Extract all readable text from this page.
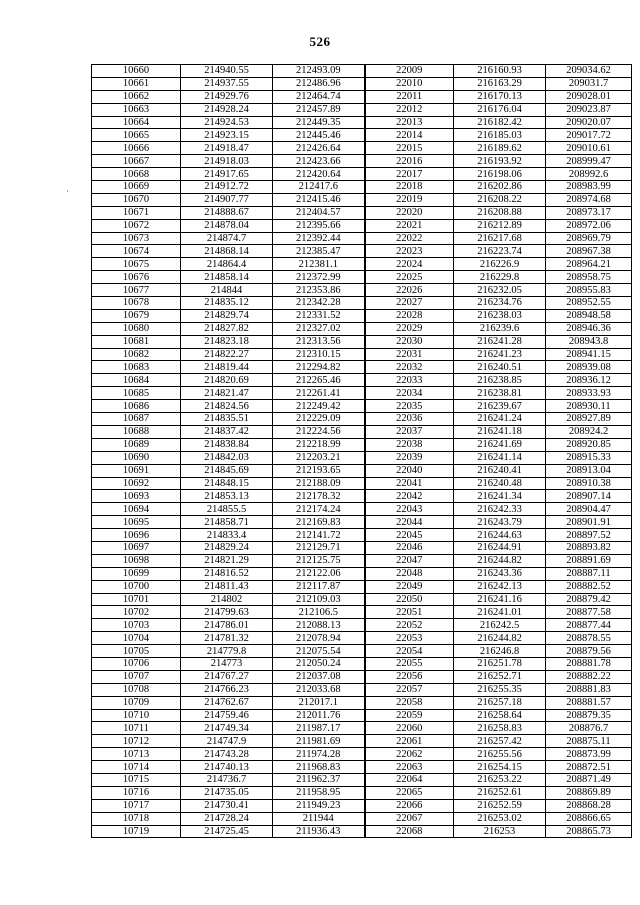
526
·
10660	214940.55	212493.09	22009	216160.93	209034.62
10661	214937.55	212486.96	22010	216163.29	209031.7
10662	214929.76	212464.74	22011	216170.13	209028.01
10663	214928.24	212457.89	22012	216176.04	209023.87
10664	214924.53	212449.35	22013	216182.42	209020.07
10665	214923.15	212445.46	22014	216185.03	209017.72
10666	214918.47	212426.64	22015	216189.62	209010.61
10667	214918.03	212423.66	22016	216193.92	208999.47
10668	214917.65	212420.64	22017	216198.06	208992.6
10669	214912.72	212417.6	22018	216202.86	208983.99
10670	214907.77	212415.46	22019	216208.22	208974.68
10671	214888.67	212404.57	22020	216208.88	208973.17
10672	214878.04	212395.66	22021	216212.89	208972.06
10673	214874.7	212392.44	22022	216217.68	208969.79
10674	214868.14	212385.47	22023	216223.74	208967.38
10675	214864.4	212381.1	22024	216226.9	208964.21
10676	214858.14	212372.99	22025	216229.8	208958.75
10677	214844	212353.86	22026	216232.05	208955.83
10678	214835.12	212342.28	22027	216234.76	208952.55
10679	214829.74	212331.52	22028	216238.03	208948.58
10680	214827.82	212327.02	22029	216239.6	208946.36
10681	214823.18	212313.56	22030	216241.28	208943.8
10682	214822.27	212310.15	22031	216241.23	208941.15
10683	214819.44	212294.82	22032	216240.51	208939.08
10684	214820.69	212265.46	22033	216238.85	208936.12
10685	214821.47	212261.41	22034	216238.81	208933.93
10686	214824.56	212249.42	22035	216239.67	208930.11
10687	214835.51	212229.09	22036	216241.24	208927.89
10688	214837.42	212224.56	22037	216241.18	208924.2
10689	214838.84	212218.99	22038	216241.69	208920.85
10690	214842.03	212203.21	22039	216241.14	208915.33
10691	214845.69	212193.65	22040	216240.41	208913.04
10692	214848.15	212188.09	22041	216240.48	208910.38
10693	214853.13	212178.32	22042	216241.34	208907.14
10694	214855.5	212174.24	22043	216242.33	208904.47
10695	214858.71	212169.83	22044	216243.79	208901.91
10696	214833.4	212141.72	22045	216244.63	208897.52
10697	214829.24	212129.71	22046	216244.91	208893.82
10698	214821.29	212125.75	22047	216244.82	208891.69
10699	214816.52	212122.06	22048	216243.36	208887.11
10700	214811.43	212117.87	22049	216242.13	208882.52
10701	214802	212109.03	22050	216241.16	208879.42
10702	214799.63	212106.5	22051	216241.01	208877.58
10703	214786.01	212088.13	22052	216242.5	208877.44
10704	214781.32	212078.94	22053	216244.82	208878.55
10705	214779.8	212075.54	22054	216246.8	208879.56
10706	214773	212050.24	22055	216251.78	208881.78
10707	214767.27	212037.08	22056	216252.71	208882.22
10708	214766.23	212033.68	22057	216255.35	208881.83
10709	214762.67	212017.1	22058	216257.18	208881.57
10710	214759.46	212011.76	22059	216258.64	208879.35
10711	214749.34	211987.17	22060	216258.83	208876.7
10712	214747.9	211981.69	22061	216257.42	208875.11
10713	214743.28	211974.28	22062	216255.56	208873.99
10714	214740.13	211968.83	22063	216254.15	208872.51
10715	214736.7	211962.37	22064	216253.22	208871.49
10716	214735.05	211958.95	22065	216252.61	208869.89
10717	214730.41	211949.23	22066	216252.59	208868.28
10718	214728.24	211944	22067	216253.02	208866.65
10719	214725.45	211936.43	22068	216253	208865.73
